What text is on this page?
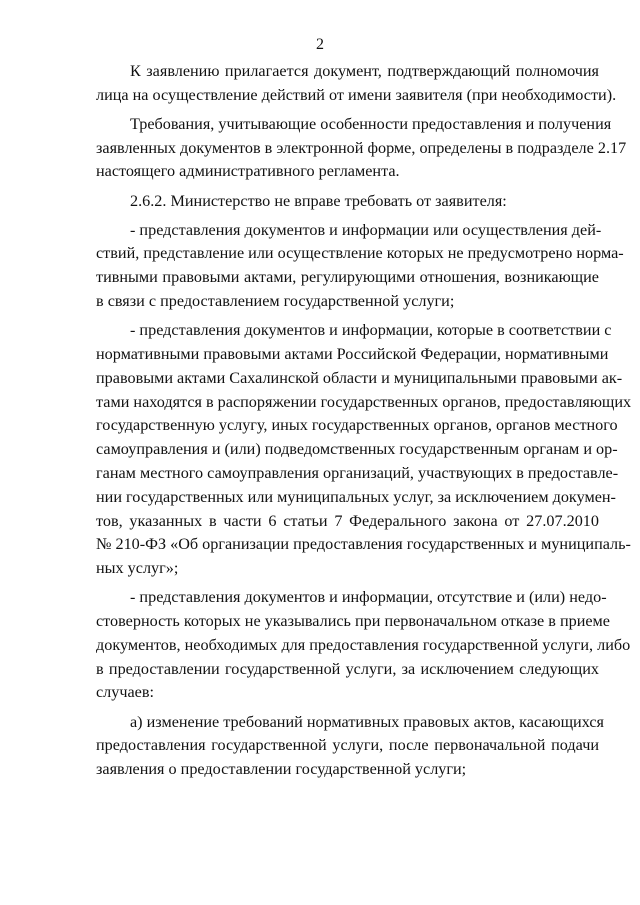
2
К заявлению прилагается документ, подтверждающий полномочия
лица на осуществление действий от имени заявителя (при необходимости).
Требования, учитывающие особенности предоставления и получения
заявленных документов в электронной форме, определены в подразделе 2.17
настоящего административного регламента.
2.6.2. Министерство не вправе требовать от заявителя:
- представления документов и информации или осуществления дей-
ствий, представление или осуществление которых не предусмотрено норма-
тивными правовыми актами, регулирующими отношения, возникающие
в связи с предоставлением государственной услуги;
- представления документов и информации, которые в соответствии с
нормативными правовыми актами Российской Федерации, нормативными
правовыми актами Сахалинской области и муниципальными правовыми ак-
тами находятся в распоряжении государственных органов, предоставляющих
государственную услугу, иных государственных органов, органов местного
самоуправления и (или) подведомственных государственным органам и ор-
ганам местного самоуправления организаций, участвующих в предоставле-
нии государственных или муниципальных услуг, за исключением докумен-
тов, указанных в части 6 статьи 7 Федерального закона от 27.07.2010
№ 210-ФЗ «Об организации предоставления государственных и муниципаль-
ных услуг»;
- представления документов и информации, отсутствие и (или) недо-
стоверность которых не указывались при первоначальном отказе в приеме
документов, необходимых для предоставления государственной услуги, либо
в предоставлении государственной услуги, за исключением следующих
случаев:
а) изменение требований нормативных правовых актов, касающихся
предоставления государственной услуги, после первоначальной подачи
заявления о предоставлении государственной услуги;
